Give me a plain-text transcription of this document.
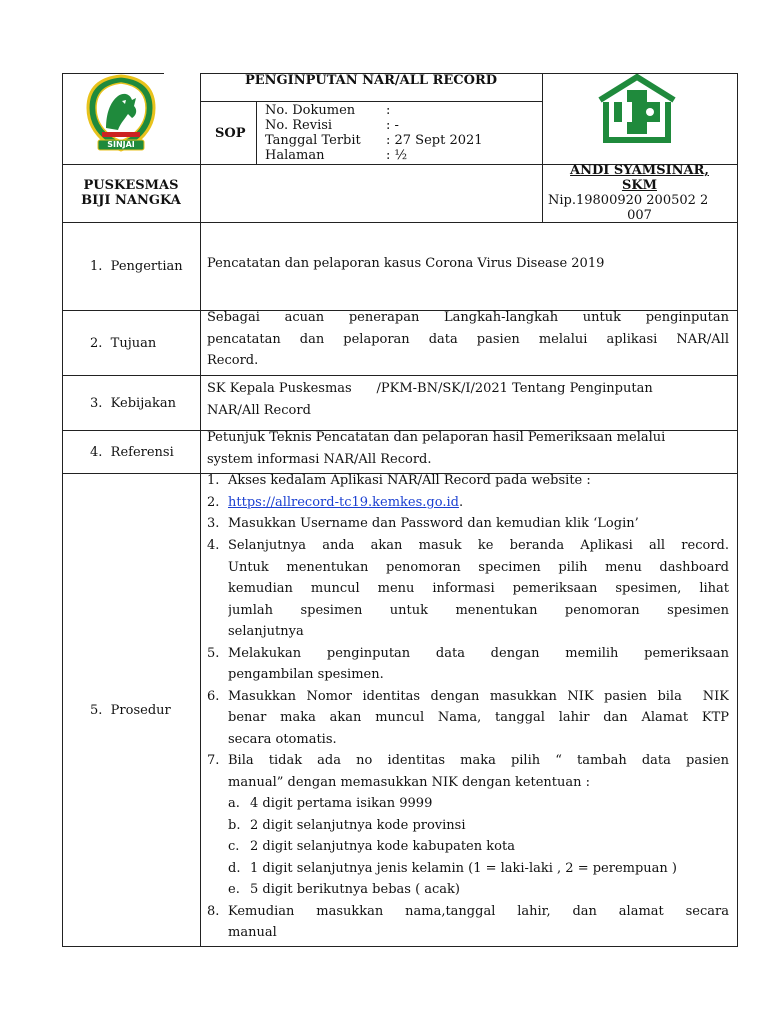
SINJAI
PENGINPUTAN NAR/ALL RECORD
SOP
No. Dokumen
No. Revisi
Tanggal Terbit
Halaman
:
: -
: 27 Sept 2021
: ½
PUSKESMAS
BIJI NANGKA
ANDI SYAMSINAR,
SKM
Nip.19800920 200502 2
007
1.  Pengertian
2.  Tujuan
3.  Kebijakan
4.  Referensi
5.  Prosedur
Pencatatan dan pelaporan kasus Corona Virus Disease 2019
Sebagai  acuan  penerapan  Langkah-langkah  untuk  penginputan
pencatatan  dan  pelaporan  data  pasien  melalui  aplikasi  NAR/All
Record.
SK Kepala Puskesmas      /PKM-BN/SK/I/2021 Tentang Penginputan
NAR/All Record
Petunjuk Teknis Pencatatan dan pelaporan hasil Pemeriksaan melalui
system informasi NAR/All Record.
1. Akses kedalam Aplikasi NAR/All Record pada website :
2. https://allrecord-tc19.kemkes.go.id.
3. Masukkan Username dan Password dan kemudian klik ‘Login’
4. Selanjutnya anda akan masuk ke beranda Aplikasi all record.
Untuk menentukan penomoran specimen pilih menu dashboard
kemudian muncul menu informasi pemeriksaan spesimen, lihat
jumlah spesimen untuk menentukan penomoran spesimen
selanjutnya
5. Melakukan penginputan data dengan memilih pemeriksaan
pengambilan spesimen.
6. Masukkan Nomor identitas dengan masukkan NIK pasien bila  NIK
benar maka akan muncul Nama, tanggal lahir dan Alamat KTP
secara otomatis.
7. Bila tidak ada no identitas maka pilih “ tambah data pasien
manual” dengan memasukkan NIK dengan ketentuan :
a. 4 digit pertama isikan 9999
b. 2 digit selanjutnya kode provinsi
c. 2 digit selanjutnya kode kabupaten kota
d. 1 digit selanjutnya jenis kelamin (1 = laki-laki , 2 = perempuan )
e. 5 digit berikutnya bebas ( acak)
8. Kemudian masukkan nama,tanggal lahir, dan alamat secara
manual
